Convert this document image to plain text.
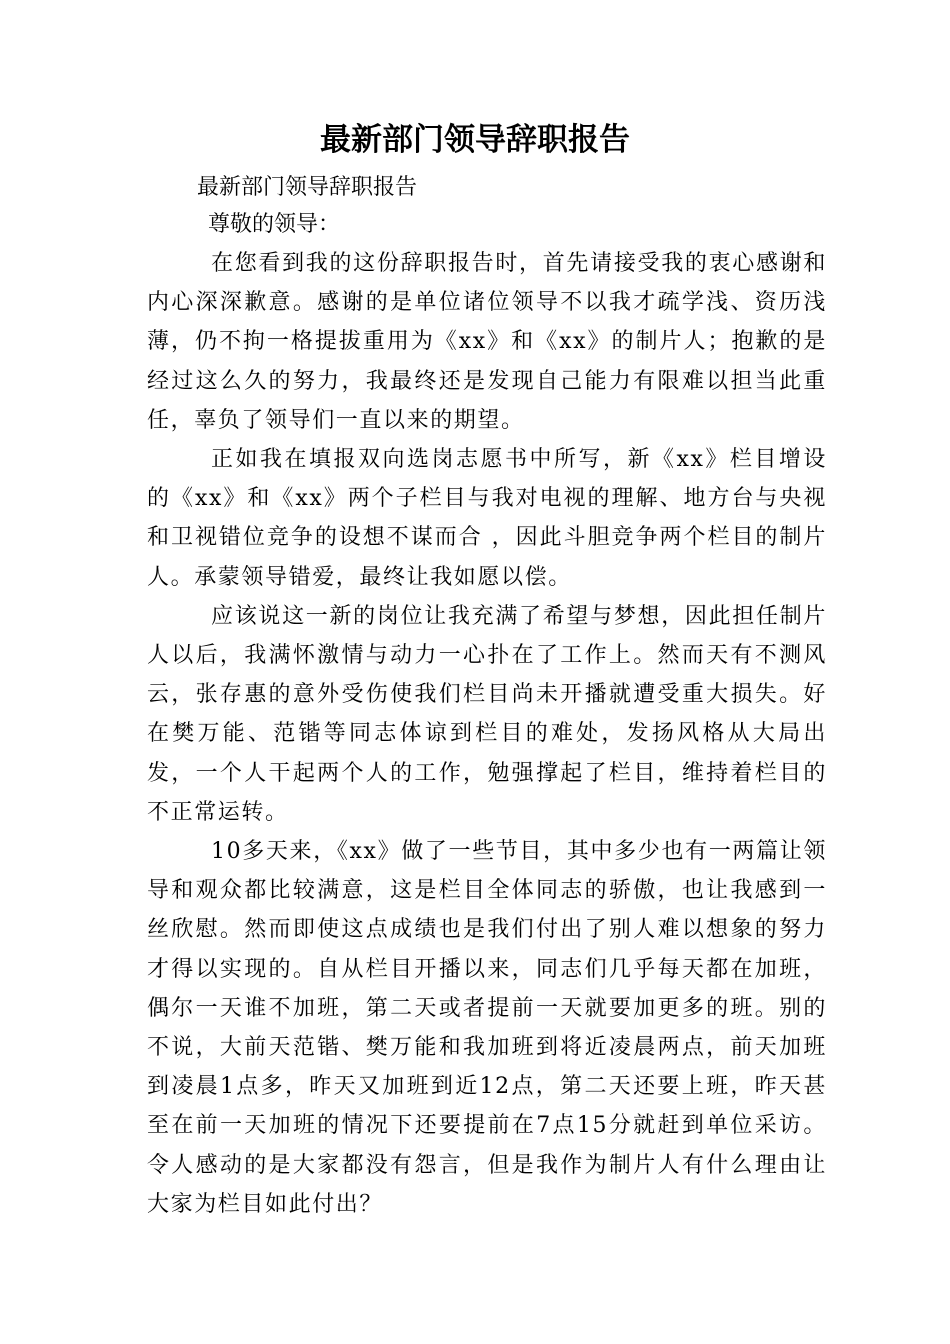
最新部门领导辞职报告
最新部门领导辞职报告
尊敬的领导：

在您看到我的这份辞职报告时，首先请接受我的衷心感谢和内心深深歉意。感谢的是单位诸位领导不以我才疏学浅、资历浅薄，仍不拘一格提拔重用为《xx》和《xx》的制片人；抱歉的是经过这么久的努力，我最终还是发现自己能力有限难以担当此重任，辜负了领导们一直以来的期望。

正如我在填报双向选岗志愿书中所写，新《xx》栏目增设的《xx》和《xx》两个子栏目与我对电视的理解、地方台与央视和卫视错位竞争的设想不谋而合 ，因此斗胆竞争两个栏目的制片人。承蒙领导错爱，最终让我如愿以偿。

应该说这一新的岗位让我充满了希望与梦想，因此担任制片人以后，我满怀激情与动力一心扑在了工作上。然而天有不测风云，张存惠的意外受伤使我们栏目尚未开播就遭受重大损失。好在樊万能、范锴等同志体谅到栏目的难处，发扬风格从大局出发，一个人干起两个人的工作，勉强撑起了栏目，维持着栏目的不正常运转。

10多天来，《xx》做了一些节目，其中多少也有一两篇让领导和观众都比较满意，这是栏目全体同志的骄傲，也让我感到一丝欣慰。然而即使这点成绩也是我们付出了别人难以想象的努力才得以实现的。自从栏目开播以来，同志们几乎每天都在加班，偶尔一天谁不加班，第二天或者提前一天就要加更多的班。别的不说，大前天范锴、樊万能和我加班到将近凌晨两点，前天加班到凌晨1点多，昨天又加班到近12点，第二天还要上班，昨天甚至在前一天加班的情况下还要提前在7点15分就赶到单位采访。令人感动的是大家都没有怨言，但是我作为制片人有什么理由让大家为栏目如此付出？
